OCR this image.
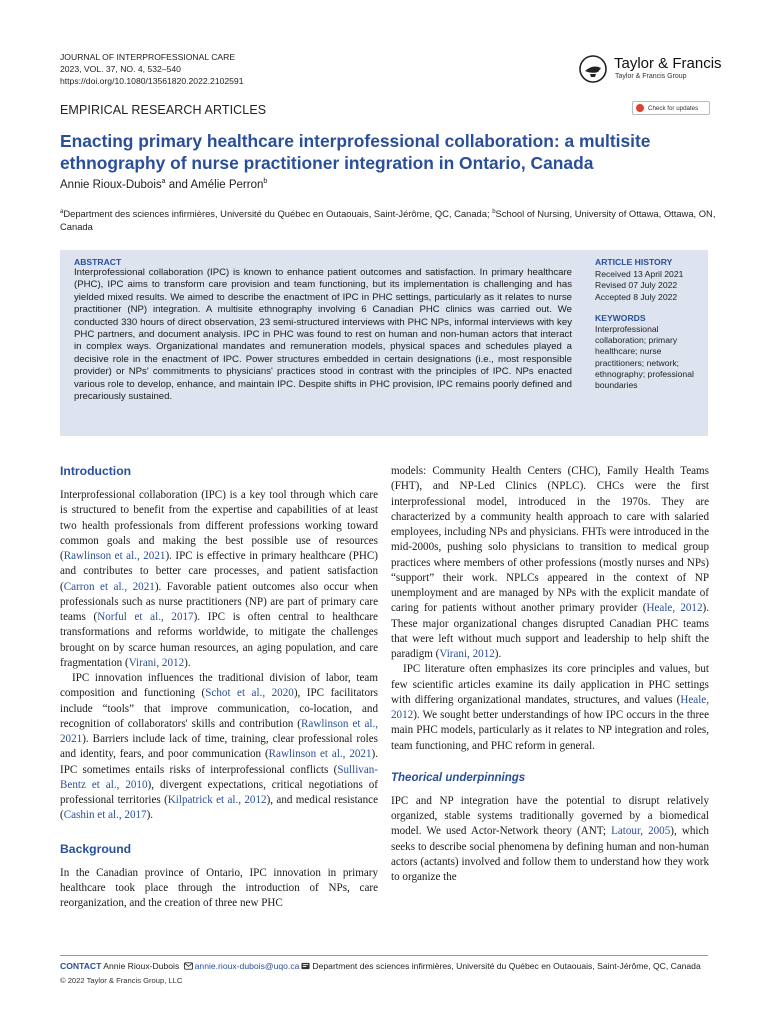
JOURNAL OF INTERPROFESSIONAL CARE
2023, VOL. 37, NO. 4, 532–540
https://doi.org/10.1080/13561820.2022.2102591
Taylor & Francis
Taylor & Francis Group
EMPIRICAL RESEARCH ARTICLES	Check for updates
Enacting primary healthcare interprofessional collaboration: a multisite ethnography of nurse practitioner integration in Ontario, Canada
Annie Rioux-Dubois$^a$ and Amélie Perron$^b$
$^a$Department des sciences infirmières, Université du Québec en Outaouais, Saint-Jérôme, QC, Canada; $^b$School of Nursing, University of Ottawa, Ottawa, ON, Canada
ABSTRACT
Interprofessional collaboration (IPC) is known to enhance patient outcomes and satisfaction. In primary healthcare (PHC), IPC aims to transform care provision and team functioning, but its implementation is challenging and has yielded mixed results. We aimed to describe the enactment of IPC in PHC settings, particularly as it relates to nurse practitioner (NP) integration. A multisite ethnography involving 6 Canadian PHC clinics was carried out. We conducted 330 hours of direct observation, 23 semi-structured interviews with PHC NPs, informal interviews with key PHC partners, and document analysis. IPC in PHC was found to rest on human and non-human actors that interact in complex ways. Organizational mandates and remuneration models, physical spaces and schedules played a decisive role in the enactment of IPC. Power structures embedded in certain designations (i.e., most responsible provider) or NPs' commitments to physicians' practices stood in contrast with the principles of IPC. NPs enacted various role to develop, enhance, and maintain IPC. Despite shifts in PHC provision, IPC remains poorly defined and precariously sustained.
ARTICLE HISTORY
Received 13 April 2021
Revised 07 July 2022
Accepted 8 July 2022
KEYWORDS
Interprofessional collaboration; primary healthcare; nurse practitioners; network; ethnography; professional boundaries
Introduction

Interprofessional collaboration (IPC) is a key tool through which care is structured to benefit from the expertise and capabilities of at least two health professionals from different professions working toward common goals and making the best possible use of resources (Rawlinson et al., 2021). IPC is effective in primary healthcare (PHC) and contributes to better care processes, and patient satisfaction (Carron et al., 2021). Favorable patient outcomes also occur when professionals such as nurse practitioners (NP) are part of primary care teams (Norful et al., 2017). IPC is often central to healthcare transformations and reforms worldwide, to mitigate the challenges brought on by scarce human resources, an aging population, and care fragmentation (Virani, 2012).

IPC innovation influences the traditional division of labor, team composition and functioning (Schot et al., 2020), IPC facilitators include “tools” that improve communication, co-location, and recognition of collaborators' skills and contribution (Rawlinson et al., 2021). Barriers include lack of time, training, clear professional roles and identity, fears, and poor communication (Rawlinson et al., 2021). IPC sometimes entails risks of interprofessional conflicts (Sullivan-Bentz et al., 2010), divergent expectations, critical negotiations of professional territories (Kilpatrick et al., 2012), and medical resistance (Cashin et al., 2017).

Background

In the Canadian province of Ontario, IPC innovation in primary healthcare took place through the introduction of NPs, care reorganization, and the creation of three new PHC

models: Community Health Centers (CHC), Family Health Teams (FHT), and NP-Led Clinics (NPLC). CHCs were the first interprofessional model, introduced in the 1970s. They are characterized by a community health approach to care with salaried employees, including NPs and physicians. FHTs were introduced in the mid-2000s, pushing solo physicians to transition to medical group practices where members of other professions (mostly nurses and NPs) “support” their work. NPLCs appeared in the context of NP unemployment and are managed by NPs with the explicit mandate of caring for patients without another primary provider (Heale, 2012). These major organizational changes disrupted Canadian PHC teams that were left without much support and leadership to help shift the paradigm (Virani, 2012).

IPC literature often emphasizes its core principles and values, but few scientific articles examine its daily application in PHC settings with differing organizational mandates, structures, and values (Heale, 2012). We sought better understandings of how IPC occurs in the three main PHC models, particularly as it relates to NP integration and roles, team functioning, and PHC reform in general.

Theorical underpinnings

IPC and NP integration have the potential to disrupt relatively organized, stable systems traditionally governed by a biomedical model. We used Actor-Network theory (ANT; Latour, 2005), which seeks to describe social phenomena by defining human and non-human actors (actants) involved and follow them to understand how they work to organize the

CONTACT Annie Rioux-Dubois annie.rioux-dubois@uqo.ca Department des sciences infirmières, Université du Québec en Outaouais, Saint-Jérôme, QC, Canada
© 2022 Taylor & Francis Group, LLC
